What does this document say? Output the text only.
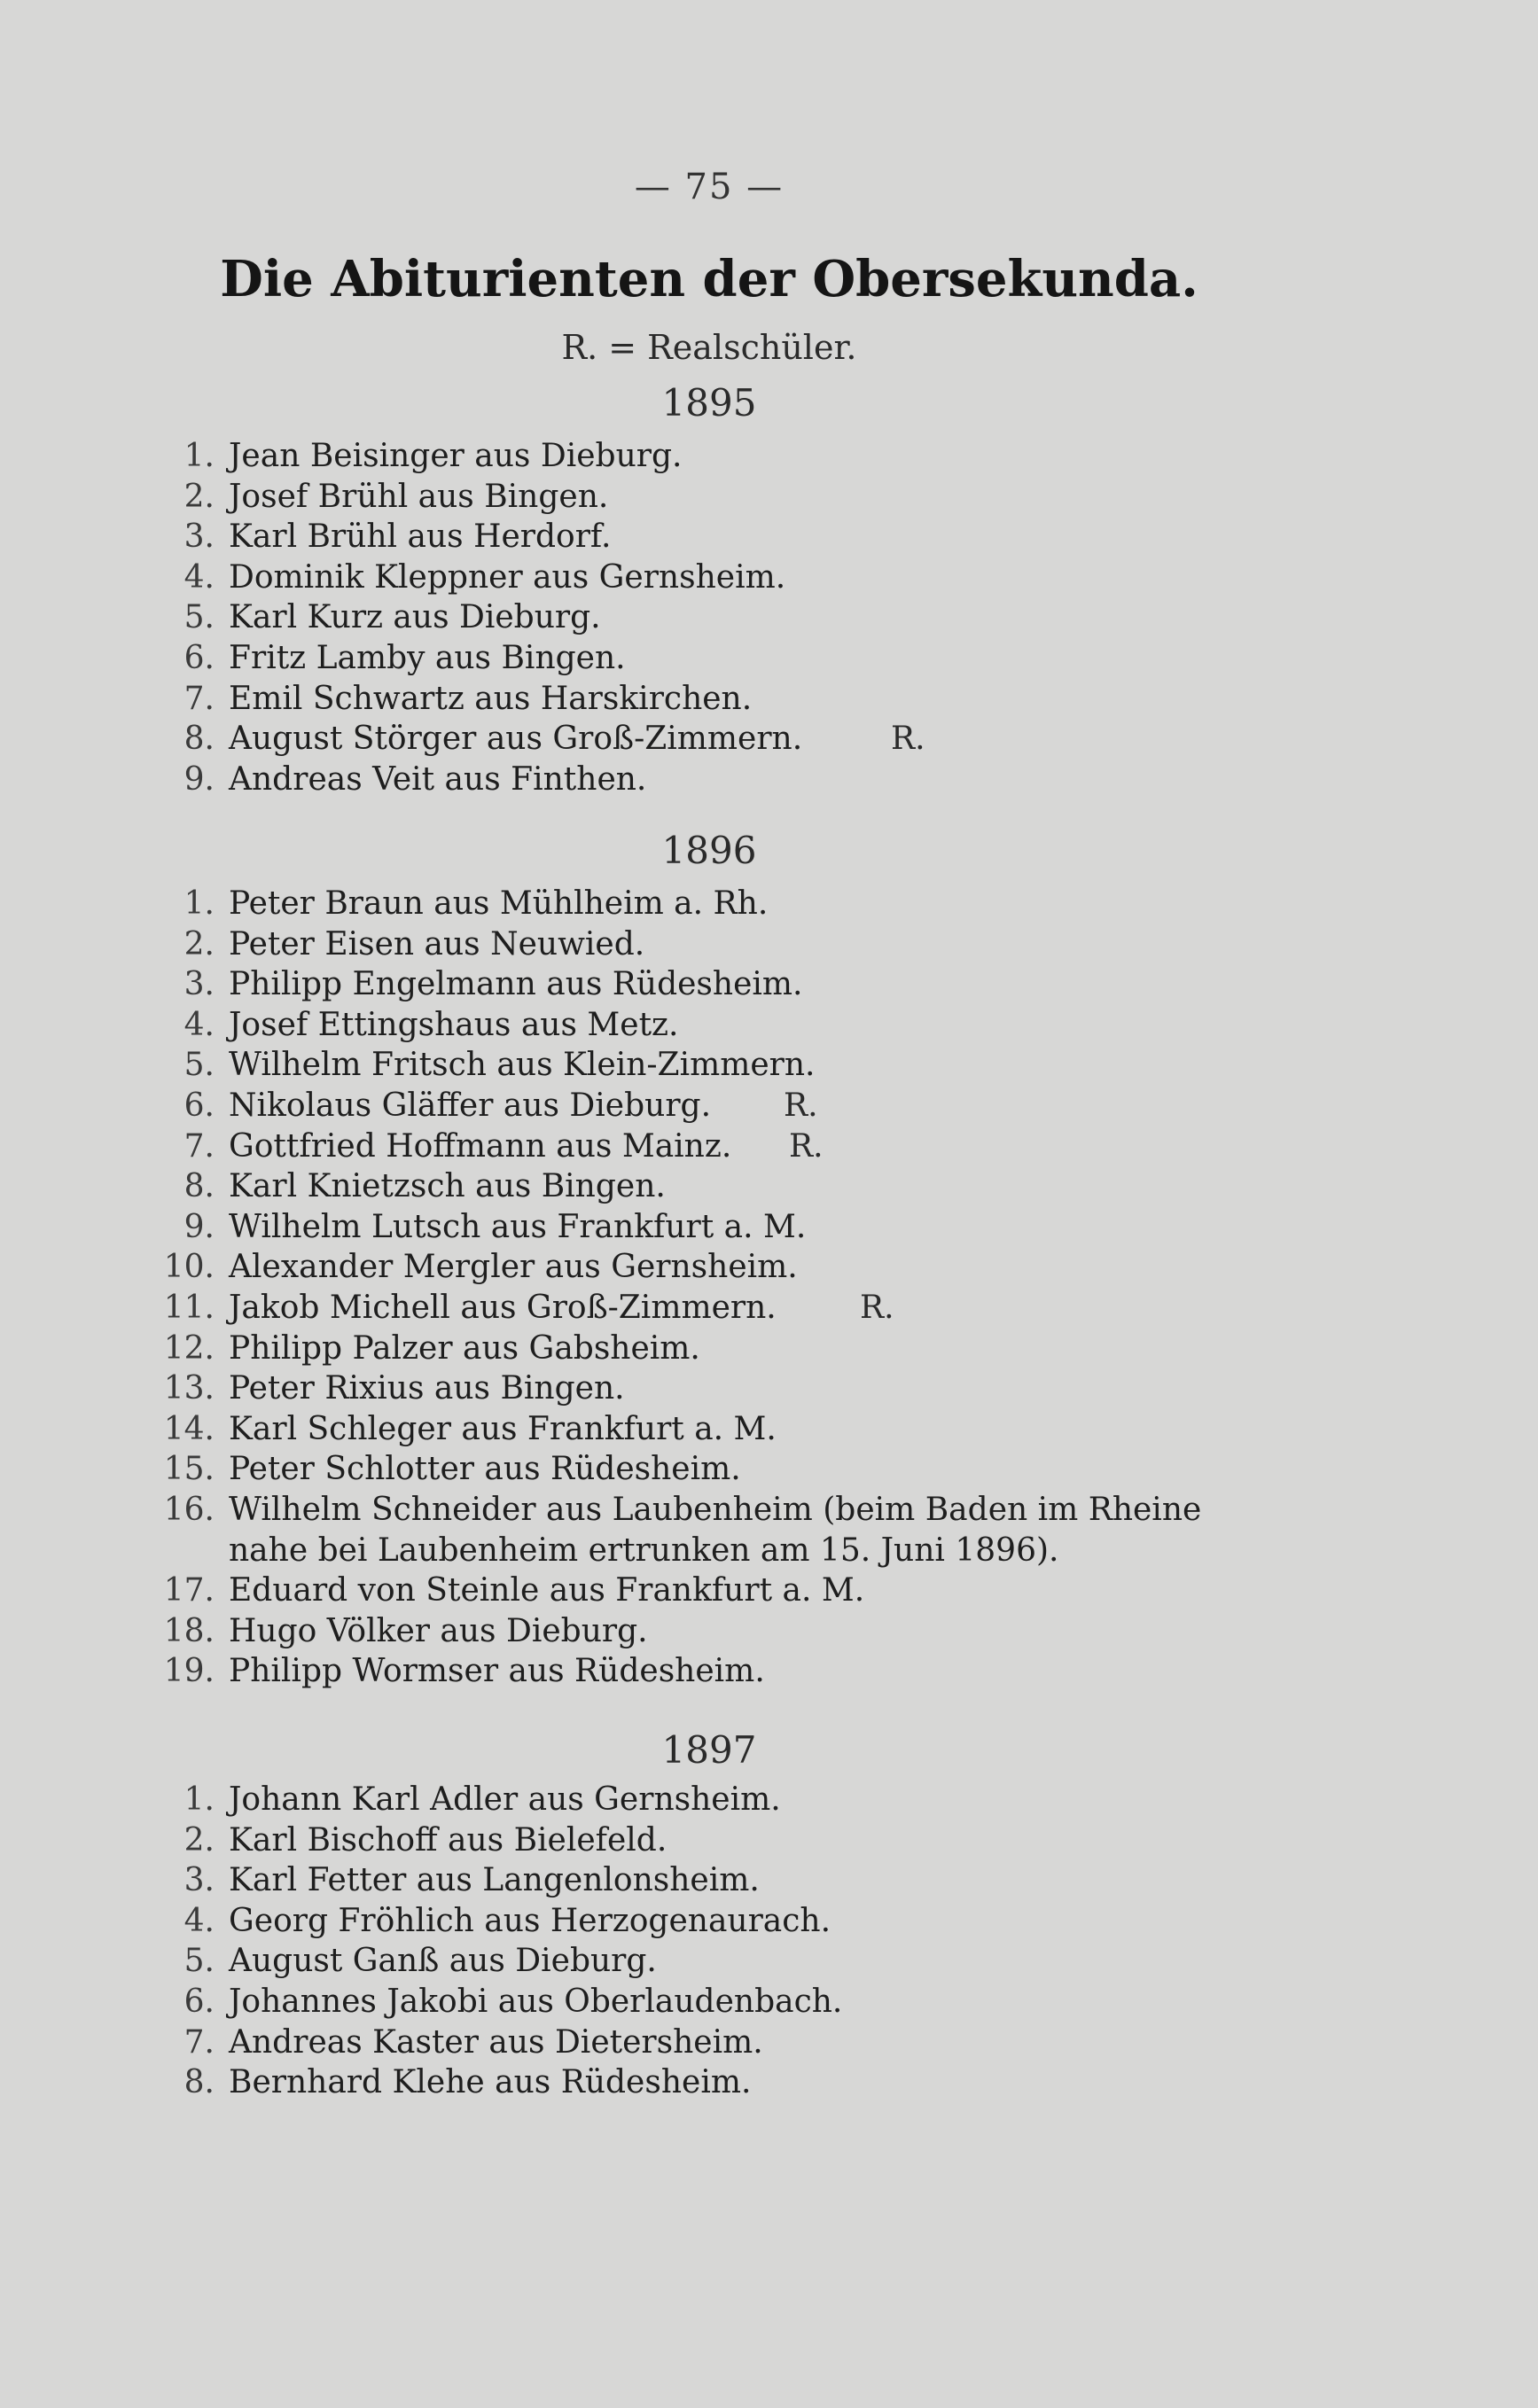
— 75 —
Die Abiturienten der Obersekunda.
R. = Realschüler.
1895
1. Jean Beisinger aus Dieburg.
2. Josef Brühl aus Bingen.
3. Karl Brühl aus Herdorf.
4. Dominik Kleppner aus Gernsheim.
5. Karl Kurz aus Dieburg.
6. Fritz Lamby aus Bingen.
7. Emil Schwartz aus Harskirchen.
8. August Störger aus Groß-Zimmern.	R.
9. Andreas Veit aus Finthen.
1896
1. Peter Braun aus Mühlheim a. Rh.
2. Peter Eisen aus Neuwied.
3. Philipp Engelmann aus Rüdesheim.
4. Josef Ettingshaus aus Metz.
5. Wilhelm Fritsch aus Klein-Zimmern.
6. Nikolaus Gläffer aus Dieburg. R.
7. Gottfried Hoffmann aus Mainz. R.
8. Karl Knietzsch aus Bingen.
9. Wilhelm Lutsch aus Frankfurt a. M.
10. Alexander Mergler aus Gernsheim.
11. Jakob Michell aus Groß-Zimmern.	R.
12. Philipp Palzer aus Gabsheim.
13. Peter Rixius aus Bingen.
14. Karl Schleger aus Frankfurt a. M.
15. Peter Schlotter aus Rüdesheim.
16. Wilhelm Schneider aus Laubenheim (beim Baden im Rheine
nahe bei Laubenheim ertrunken am 15. Juni 1896).
17. Eduard von Steinle aus Frankfurt a. M.
18. Hugo Völker aus Dieburg.
19. Philipp Wormser aus Rüdesheim.
1897
1. Johann Karl Adler aus Gernsheim.
2. Karl Bischoff aus Bielefeld.
3. Karl Fetter aus Langenlonsheim.
4. Georg Fröhlich aus Herzogenaurach.
5. August Ganß aus Dieburg.
6. Johannes Jakobi aus Oberlaudenbach.
7. Andreas Kaster aus Dietersheim.
8. Bernhard Klehe aus Rüdesheim.
